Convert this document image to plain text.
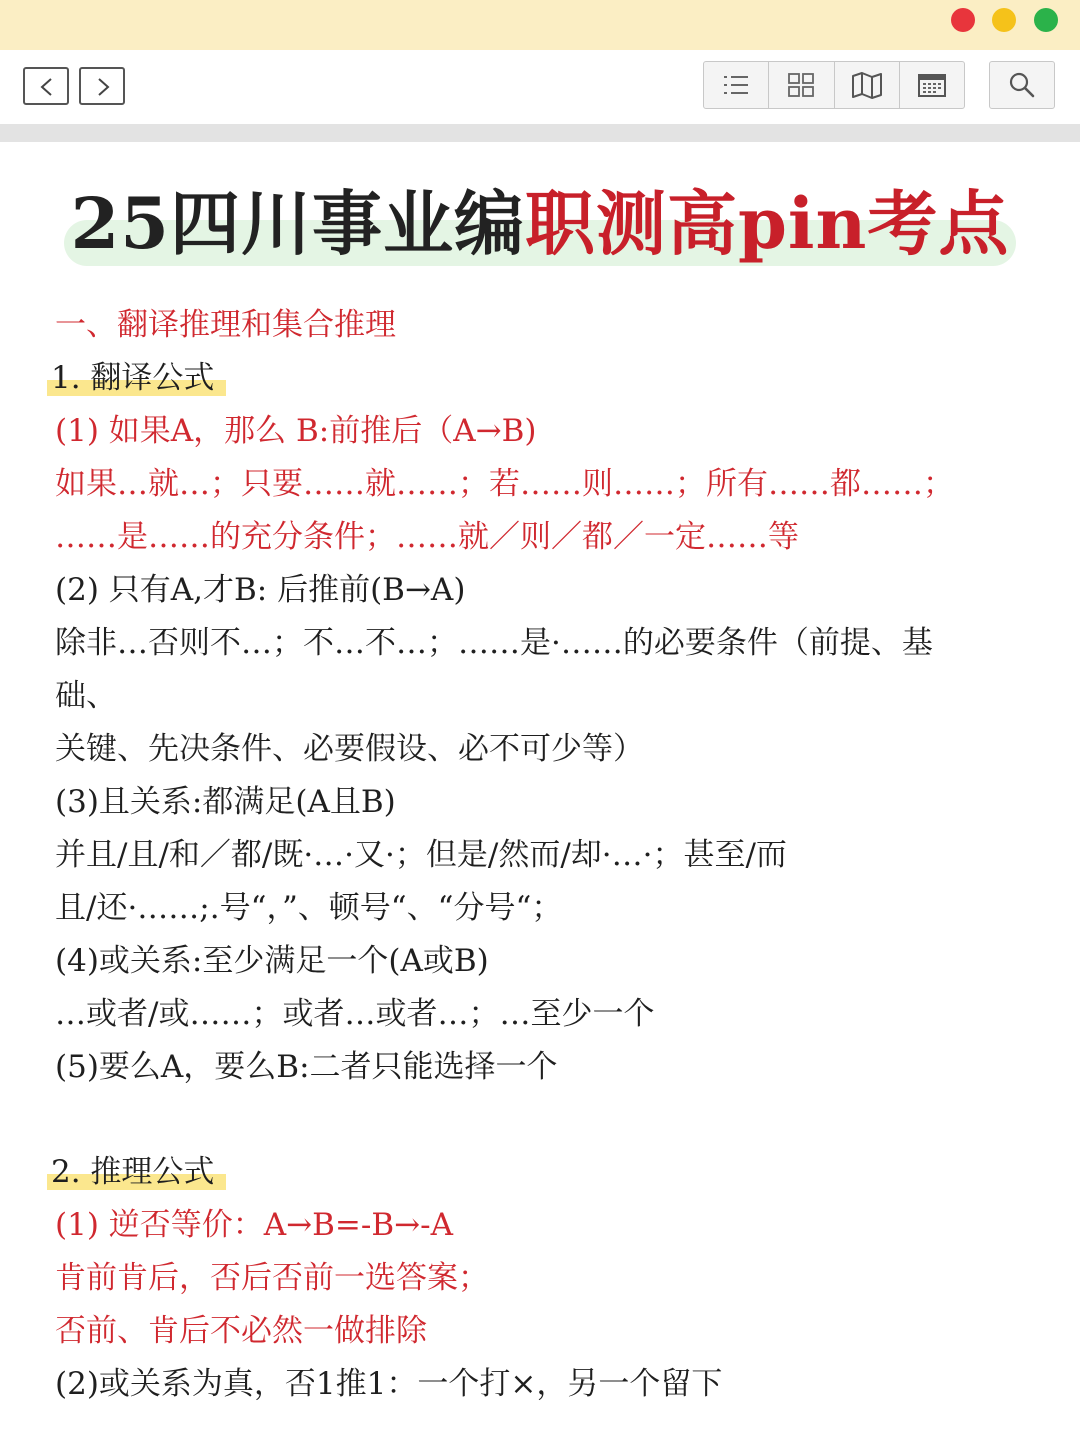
25四川事业编职测高pin考点
一、翻译推理和集合推理
1. 翻译公式
(1) 如果A，那么 B:前推后（A→B)
如果…就…；只要……就……；若……则……；所有……都……；
……是……的充分条件；……就／则／都／一定……等
(2) 只有A,才B: 后推前(B→A)
除非…否则不…；不…不…；……是·……的必要条件（前提、基
础、
关键、先决条件、必要假设、必不可少等）
(3)且关系:都满足(A且B)
并且/且/和／都/既·…·又·；但是/然而/却·…·；甚至/而
且/还·……;.号“，”、顿号“、“分号“；
(4)或关系:至少满足一个(A或B)
…或者/或……；或者…或者…；…至少一个
(5)要么A，要么B:二者只能选择一个
2. 推理公式
(1) 逆否等价：A→B=-B→-A
肯前肯后，否后否前一选答案；
否前、肯后不必然一做排除
(2)或关系为真，否1推1：一个打×，另一个留下
